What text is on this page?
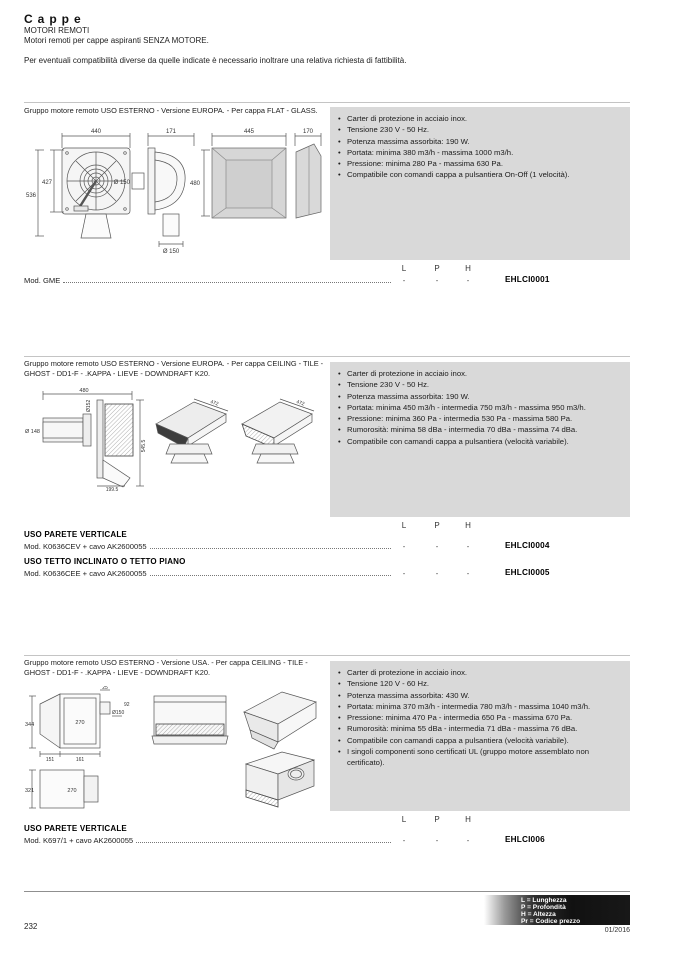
Cappe
MOTORI REMOTI
Motori remoti per cappe aspiranti SENZA MOTORE.
Per eventuali compatibilità diverse da quelle indicate è necessario inoltrare una relativa richiesta di fattibilità.
Gruppo motore remoto USO ESTERNO - Versione EUROPA. - Per cappa FLAT - GLASS.
• Carter di protezione in acciaio inox.
• Tensione 230 V - 50 Hz.
• Potenza massima assorbita: 190 W.
• Portata: minima 380 m3/h - massima 1000 m3/h.
• Pressione: minima 280 Pa - massima 630 Pa.
• Compatibile con comandi cappa a pulsantiera On-Off (1 velocità).
440	171	445	170
536
427	Ø 150	480
Ø 150
L	P	H
Mod. GME	-	-	-	EHLCI0001
Gruppo motore remoto USO ESTERNO - Versione EUROPA. - Per cappa CEILING - TILE - GHOST - DD1-F - .KAPPA - LIEVE - DOWNDRAFT K20.	• Carter di protezione in acciaio inox.
• Tensione 230 V - 50 Hz.
• Potenza massima assorbita: 190 W.
• Portata: minima 450 m3/h - intermedia 750 m3/h - massima 950 m3/h.
• Pressione: minima 360 Pa - intermedia 530 Pa - massima 580 Pa.
• Rumorosità: minima 58 dBa - intermedia 70 dBa - massima 74 dBa.
• Compatibile con camandi cappa a pulsantiera (velocità variabile).
480
Ø 148
Ø152
545.5
199.5
472	472
L	P	H
USO PARETE VERTICALE
Mod. K0636CEV + cavo AK2600055	-	-	-	EHLCI0004
USO TETTO INCLINATO O TETTO PIANO
Mod. K0636CEE + cavo AK2600055	-	-	-	EHLCI0005
Gruppo motore remoto USO ESTERNO - Versione USA. - Per cappa CEILING - TILE - GHOST - DD1-F - .KAPPA - LIEVE - DOWNDRAFT K20.	• Carter di protezione in acciaio inox.
• Tensione 120 V - 60 Hz.
• Potenza massima assorbita: 430 W.
• Portata: minima 370 m3/h - intermedia 780 m3/h - massima 1040 m3/h.
• Pressione: minima 470 Pa - intermedia 650 Pa - massima 670 Pa.
• Rumorosità: minima 55 dBa - intermedia 71 dBa - massima 76 dBa.
• Compatibile con camandi cappa a pulsantiera (velocità variabile).
• I singoli componenti sono certificati UL (gruppo motore assemblato non certificato).
344	270
25
92
Ø150
151	161
321	270
L	P	H
USO PARETE VERTICALE
Mod. K697/1 + cavo AK2600055	-	-	-	EHLCI006
L = Lunghezza
P = Profondità
H = Altezza
Pr = Codice prezzo
232	01/2016
